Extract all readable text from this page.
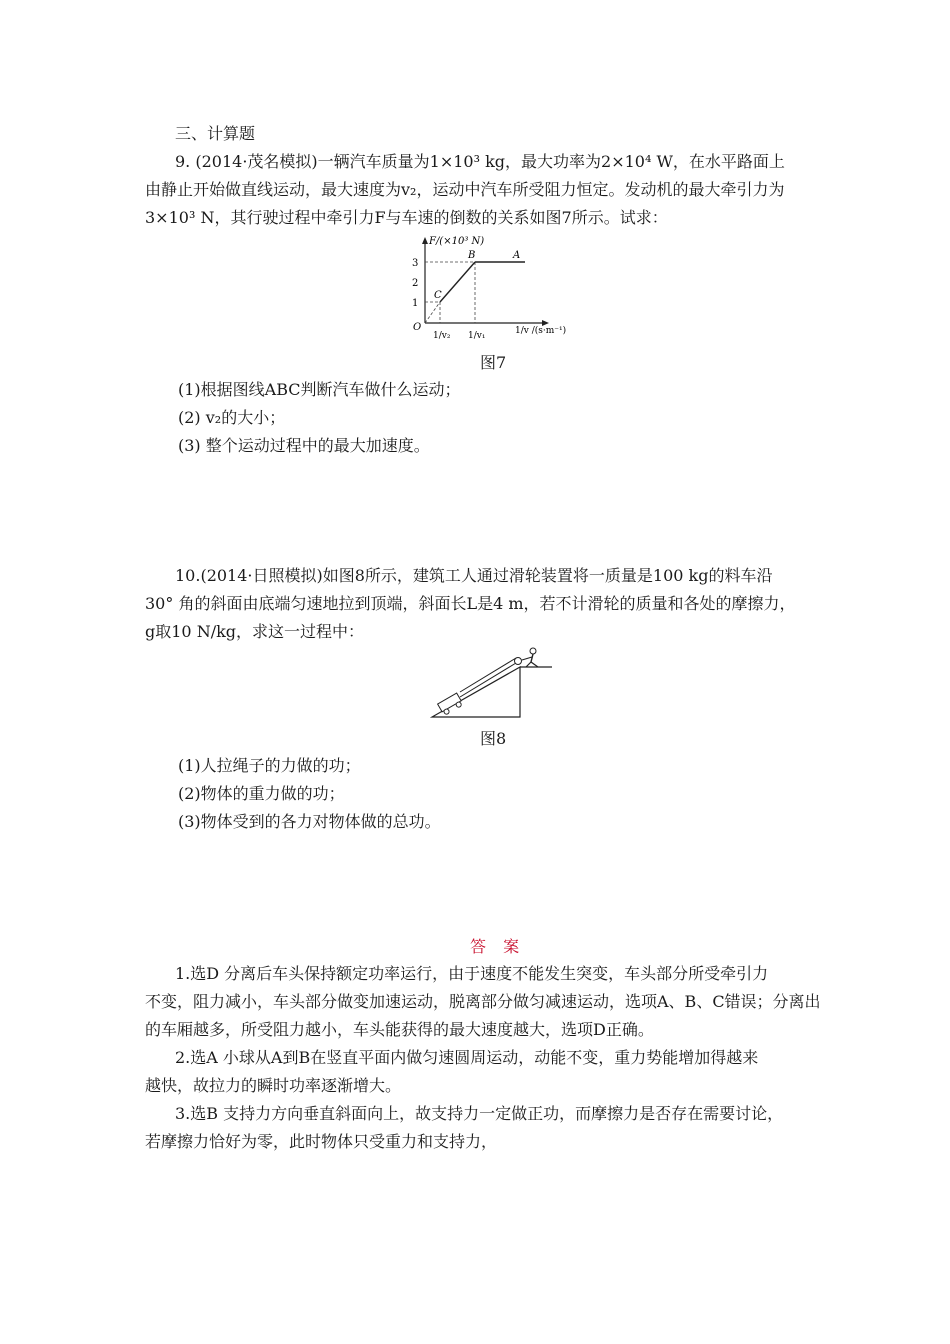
三、计算题
9. (2014·茂名模拟)一辆汽车质量为1×10³ kg，最大功率为2×10⁴ W，在水平路面上
由静止开始做直线运动，最大速度为v₂，运动中汽车所受阻力恒定。发动机的最大牵引力为
3×10³ N，其行驶过程中牵引力F与车速的倒数的关系如图7所示。试求：
F/(×10³ N)
3
2
1
O
A
B
C
1/v₂ 1/v₁	1/v /(s·m⁻¹)
图7
(1)根据图线ABC判断汽车做什么运动；
(2) v₂的大小；
(3) 整个运动过程中的最大加速度。
10.(2014·日照模拟)如图8所示，建筑工人通过滑轮装置将一质量是100 kg的料车沿
30° 角的斜面由底端匀速地拉到顶端，斜面长L是4 m，若不计滑轮的质量和各处的摩擦力，
g取10 N/kg，求这一过程中：
图8
(1)人拉绳子的力做的功；
(2)物体的重力做的功；
(3)物体受到的各力对物体做的总功。
答 案
1.选D 分离后车头保持额定功率运行，由于速度不能发生突变，车头部分所受牵引力
不变，阻力减小，车头部分做变加速运动，脱离部分做匀减速运动，选项A、B、C错误；分离出
的车厢越多，所受阻力越小，车头能获得的最大速度越大，选项D正确。
2.选A 小球从A到B在竖直平面内做匀速圆周运动，动能不变，重力势能增加得越来
越快，故拉力的瞬时功率逐渐增大。
3.选B 支持力方向垂直斜面向上，故支持力一定做正功，而摩擦力是否存在需要讨论，
若摩擦力恰好为零，此时物体只受重力和支持力，
